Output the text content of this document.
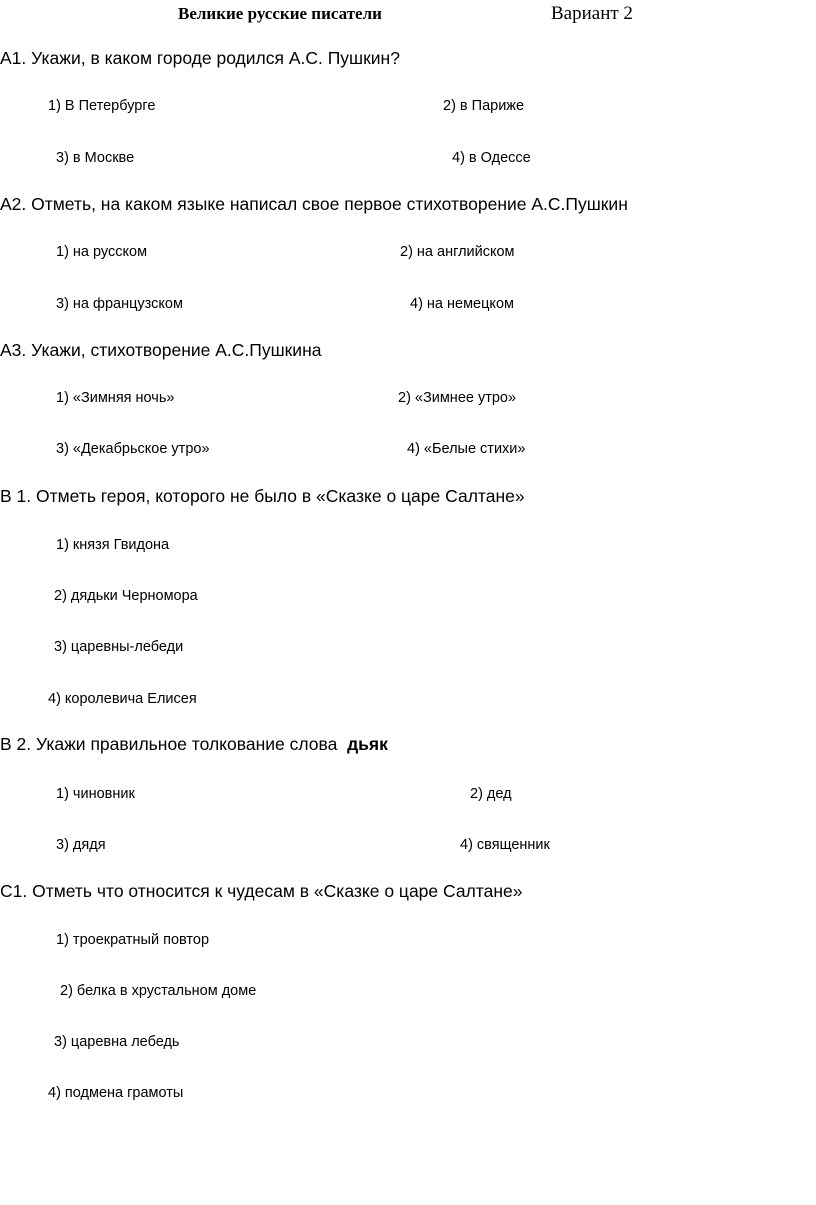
Великие русские писатели	Вариант 2
А1. Укажи, в каком городе родился А.С. Пушкин?
1) В Петербурге	2) в Париже
3) в Москве	4) в Одессе
А2. Отметь, на каком языке написал свое первое стихотворение А.С.Пушкин
1) на русском	2) на английском
3) на французском	4) на немецком
А3. Укажи, стихотворение А.С.Пушкина
1) «Зимняя ночь»	2) «Зимнее утро»
3) «Декабрьское утро»	4) «Белые стихи»
В 1. Отметь героя, которого не было в «Сказке о царе Салтане»
1) князя Гвидона
2) дядьки Черномора
3) царевны-лебеди
4) королевича Елисея
В 2. Укажи правильное толкование слова дьяк
1) чиновник	2) дед
3) дядя	4) священник
С1. Отметь что относится к чудесам в «Сказке о царе Салтане»
1) троекратный повтор
2) белка в хрустальном доме
3) царевна лебедь
4) подмена грамоты
